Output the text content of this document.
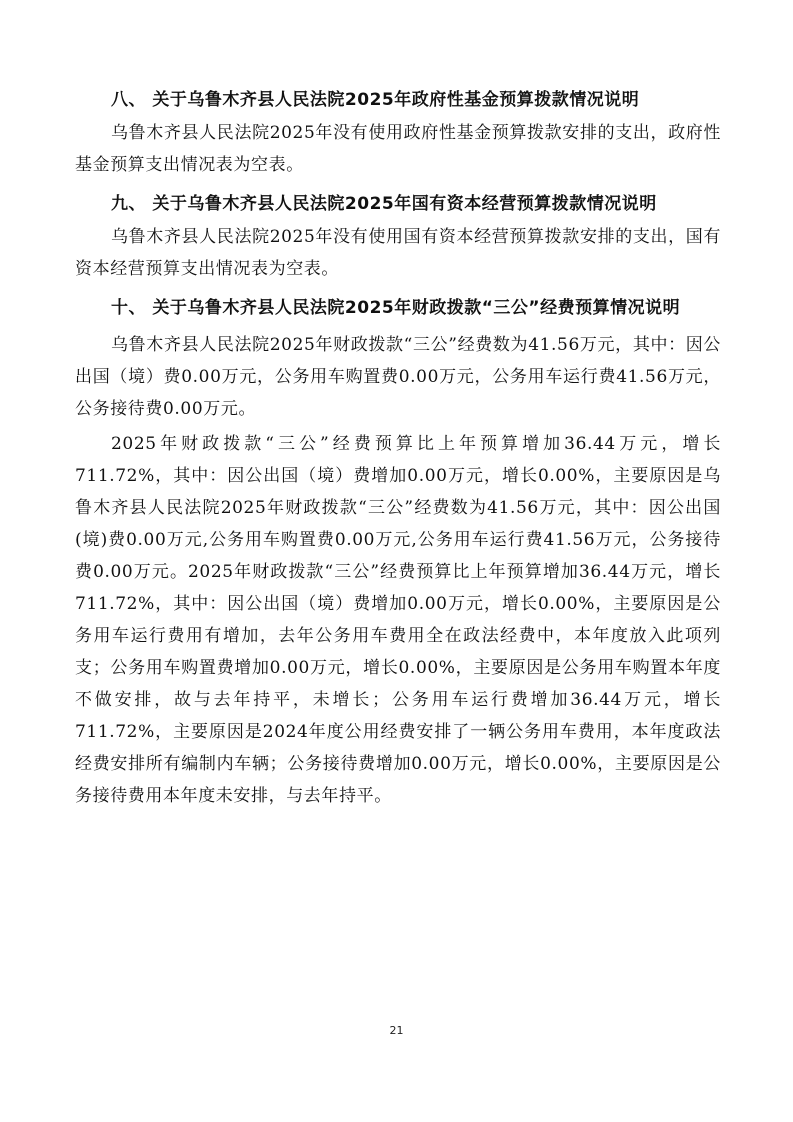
八、 关于乌鲁木齐县人民法院2025年政府性基金预算拨款情况说明

乌鲁木齐县人民法院2025年没有使用政府性基金预算拨款安排的支出，政府性基金预算支出情况表为空表。

九、 关于乌鲁木齐县人民法院2025年国有资本经营预算拨款情况说明

乌鲁木齐县人民法院2025年没有使用国有资本经营预算拨款安排的支出，国有资本经营预算支出情况表为空表。

十、 关于乌鲁木齐县人民法院2025年财政拨款“三公”经费预算情况说明

乌鲁木齐县人民法院2025年财政拨款“三公”经费数为41.56万元，其中：因公出国（境）费0.00万元，公务用车购置费0.00万元，公务用车运行费41.56万元，公务接待费0.00万元。

2025年财政拨款“三公”经费预算比上年预算增加36.44万元，增长711.72%，其中：因公出国（境）费增加0.00万元，增长0.00%，主要原因是乌鲁木齐县人民法院2025年财政拨款“三公”经费数为41.56万元，其中：因公出国(境)费0.00万元,公务用车购置费0.00万元,公务用车运行费41.56万元，公务接待费0.00万元。2025年财政拨款“三公”经费预算比上年预算增加36.44万元，增长711.72%，其中：因公出国（境）费增加0.00万元，增长0.00%，主要原因是公务用车运行费用有增加，去年公务用车费用全在政法经费中，本年度放入此项列支；公务用车购置费增加0.00万元，增长0.00%，主要原因是公务用车购置本年度不做安排，故与去年持平，未增长；公务用车运行费增加36.44万元，增长711.72%，主要原因是2024年度公用经费安排了一辆公务用车费用，本年度政法经费安排所有编制内车辆；公务接待费增加0.00万元，增长0.00%，主要原因是公务接待费用本年度未安排，与去年持平。

21
